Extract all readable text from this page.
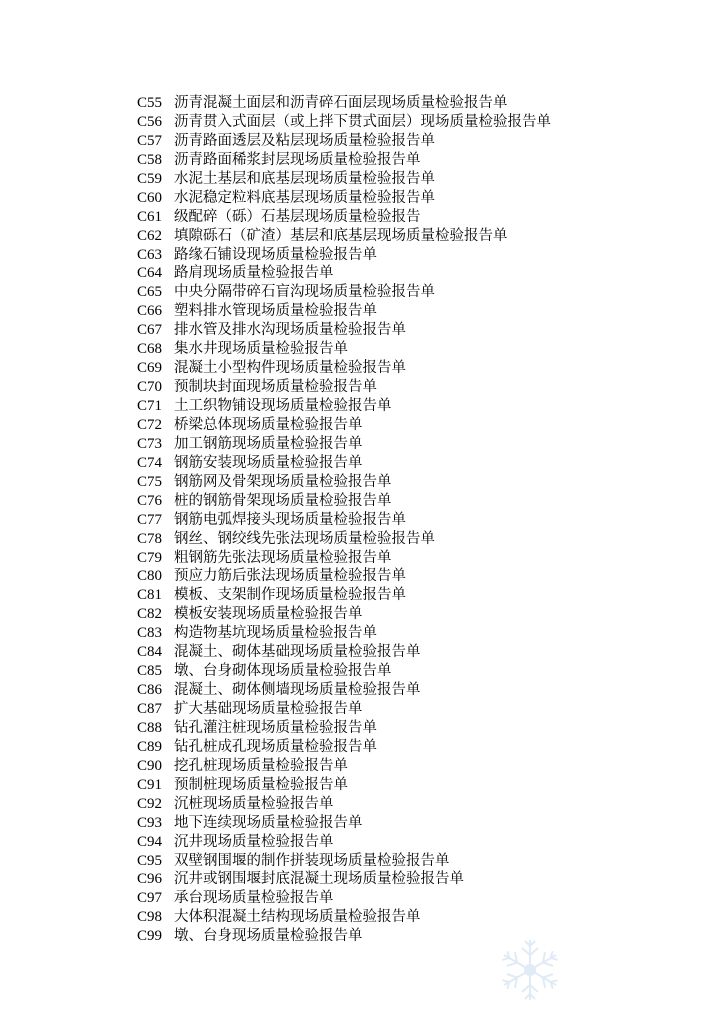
C55 沥青混凝土面层和沥青碎石面层现场质量检验报告单
C56 沥青贯入式面层（或上拌下贯式面层）现场质量检验报告单
C57 沥青路面透层及粘层现场质量检验报告单
C58 沥青路面稀浆封层现场质量检验报告单
C59 水泥土基层和底基层现场质量检验报告单
C60 水泥稳定粒料底基层现场质量检验报告单
C61 级配碎（砾）石基层现场质量检验报告
C62 填隙砾石（矿渣）基层和底基层现场质量检验报告单
C63 路缘石铺设现场质量检验报告单
C64 路肩现场质量检验报告单
C65 中央分隔带碎石盲沟现场质量检验报告单
C66 塑料排水管现场质量检验报告单
C67 排水管及排水沟现场质量检验报告单
C68 集水井现场质量检验报告单
C69 混凝土小型构件现场质量检验报告单
C70 预制块封面现场质量检验报告单
C71 土工织物铺设现场质量检验报告单
C72 桥梁总体现场质量检验报告单
C73 加工钢筋现场质量检验报告单
C74 钢筋安装现场质量检验报告单
C75 钢筋网及骨架现场质量检验报告单
C76 桩的钢筋骨架现场质量检验报告单
C77 钢筋电弧焊接头现场质量检验报告单
C78 钢丝、钢绞线先张法现场质量检验报告单
C79 粗钢筋先张法现场质量检验报告单
C80 预应力筋后张法现场质量检验报告单
C81 模板、支架制作现场质量检验报告单
C82 模板安装现场质量检验报告单
C83 构造物基坑现场质量检验报告单
C84 混凝土、砌体基础现场质量检验报告单
C85 墩、台身砌体现场质量检验报告单
C86 混凝土、砌体侧墙现场质量检验报告单
C87 扩大基础现场质量检验报告单
C88 钻孔灌注桩现场质量检验报告单
C89 钻孔桩成孔现场质量检验报告单
C90 挖孔桩现场质量检验报告单
C91 预制桩现场质量检验报告单
C92 沉桩现场质量检验报告单
C93 地下连续现场质量检验报告单
C94 沉井现场质量检验报告单
C95 双壁钢围堰的制作拼装现场质量检验报告单
C96 沉井或钢围堰封底混凝土现场质量检验报告单
C97 承台现场质量检验报告单
C98 大体积混凝土结构现场质量检验报告单
C99 墩、台身现场质量检验报告单
